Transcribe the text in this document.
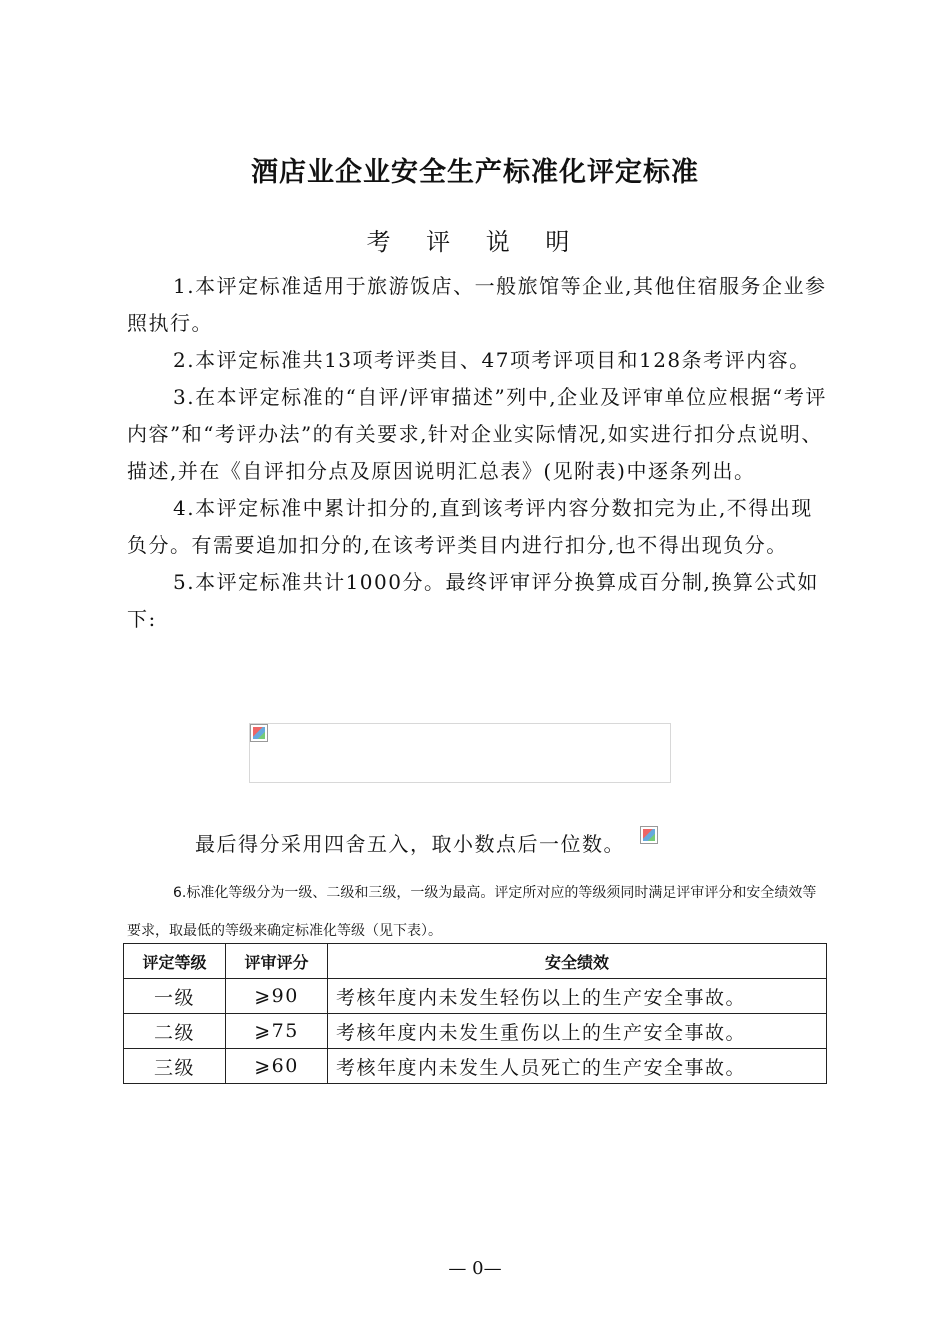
酒店业企业安全生产标准化评定标准
考 评 说 明

1.本评定标准适用于旅游饭店、一般旅馆等企业,其他住宿服务企业参照执行。

2.本评定标准共13项考评类目、47项考评项目和128条考评内容。

3.在本评定标准的“自评/评审描述”列中,企业及评审单位应根据“考评内容”和“考评办法”的有关要求,针对企业实际情况,如实进行扣分点说明、描述,并在《自评扣分点及原因说明汇总表》(见附表)中逐条列出。

4.本评定标准中累计扣分的,直到该考评内容分数扣完为止,不得出现负分。有需要追加扣分的,在该考评类目内进行扣分,也不得出现负分。

5.本评定标准共计1000分。最终评审评分换算成百分制,换算公式如下:

最后得分采用四舍五入，取小数点后一位数。

6.标准化等级分为一级、二级和三级，一级为最高。评定所对应的等级须同时满足评审评分和安全绩效等要求，取最低的等级来确定标准化等级（见下表）。

评定等级	评审评分	安全绩效
一级	⩾90	考核年度内未发生轻伤以上的生产安全事故。
二级	⩾75	考核年度内未发生重伤以上的生产安全事故。
三级	⩾60	考核年度内未发生人员死亡的生产安全事故。
— 0—
